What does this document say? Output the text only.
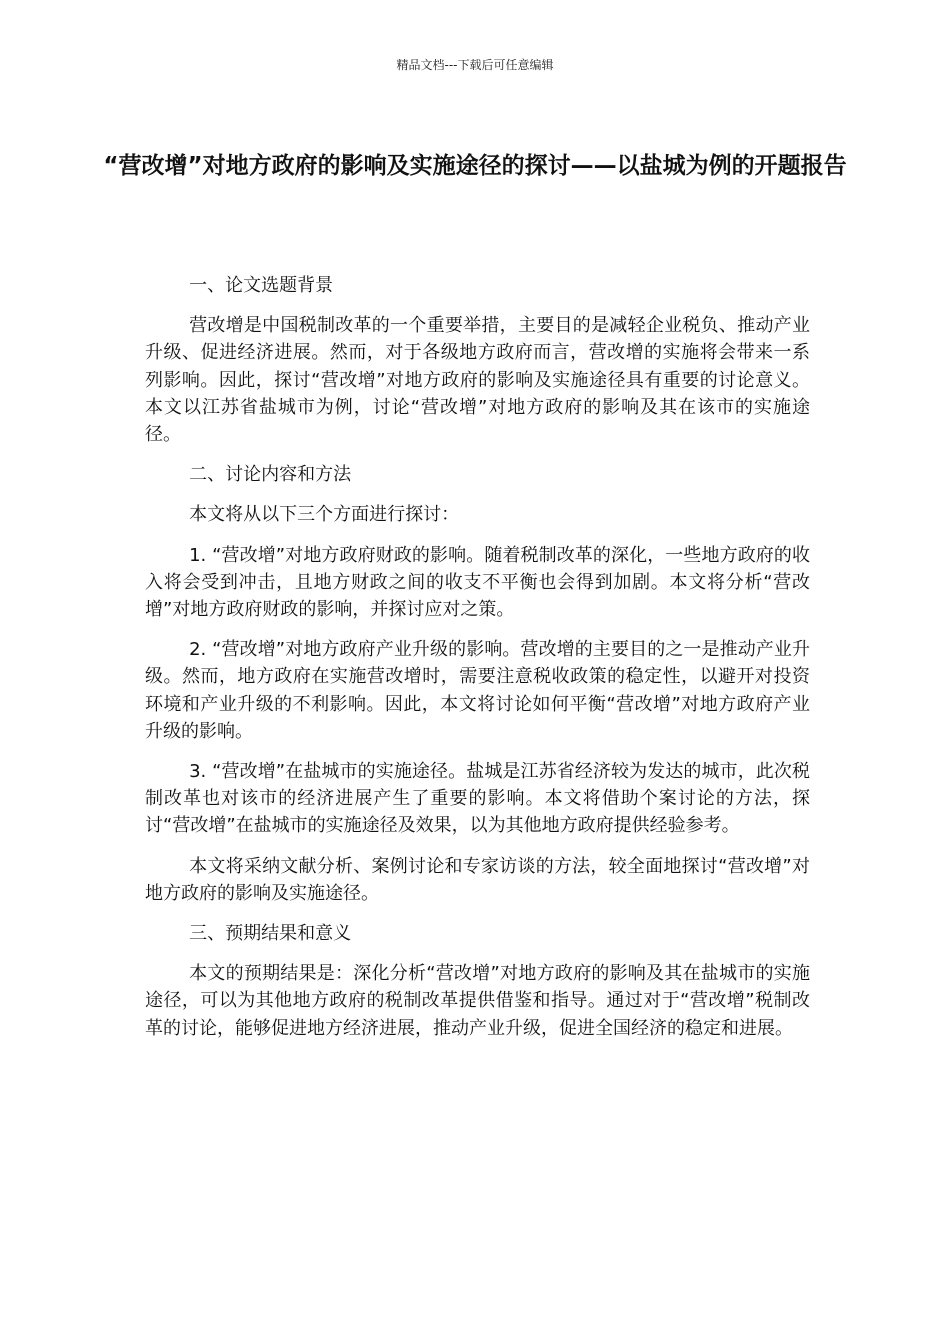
精品文档---下载后可任意编辑
“营改增”对地方政府的影响及实施途径的探讨——以盐城为例的开题报告

一、论文选题背景

营改增是中国税制改革的一个重要举措，主要目的是减轻企业税负、推动产业升级、促进经济进展。然而，对于各级地方政府而言，营改增的实施将会带来一系列影响。因此，探讨“营改增”对地方政府的影响及实施途径具有重要的讨论意义。本文以江苏省盐城市为例，讨论“营改增”对地方政府的影响及其在该市的实施途径。

二、讨论内容和方法

本文将从以下三个方面进行探讨：

1. “营改增”对地方政府财政的影响。随着税制改革的深化，一些地方政府的收入将会受到冲击，且地方财政之间的收支不平衡也会得到加剧。本文将分析“营改增”对地方政府财政的影响，并探讨应对之策。

2. “营改增”对地方政府产业升级的影响。营改增的主要目的之一是推动产业升级。然而，地方政府在实施营改增时，需要注意税收政策的稳定性，以避开对投资环境和产业升级的不利影响。因此，本文将讨论如何平衡“营改增”对地方政府产业升级的影响。

3. “营改增”在盐城市的实施途径。盐城是江苏省经济较为发达的城市，此次税制改革也对该市的经济进展产生了重要的影响。本文将借助个案讨论的方法，探讨“营改增”在盐城市的实施途径及效果，以为其他地方政府提供经验参考。

本文将采纳文献分析、案例讨论和专家访谈的方法，较全面地探讨“营改增”对地方政府的影响及实施途径。

三、预期结果和意义

本文的预期结果是：深化分析“营改增”对地方政府的影响及其在盐城市的实施途径，可以为其他地方政府的税制改革提供借鉴和指导。通过对于“营改增”税制改革的讨论，能够促进地方经济进展，推动产业升级，促进全国经济的稳定和进展。
